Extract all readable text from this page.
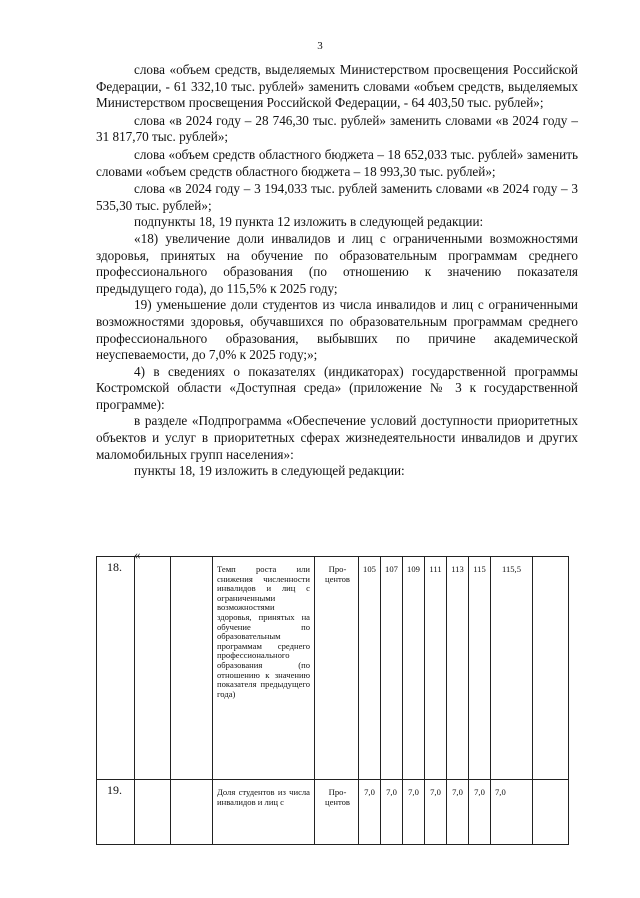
3

слова «объем средств, выделяемых Министерством просвещения Российской Федерации, - 61 332,10 тыс. рублей» заменить словами «объем средств, выделяемых Министерством просвещения Российской Федерации, - 64 403,50 тыс. рублей»;

слова «в 2024 году – 28 746,30 тыс. рублей» заменить словами «в 2024 году – 31 817,70 тыс. рублей»;

слова «объем средств областного бюджета – 18 652,033 тыс. рублей» заменить словами «объем средств областного бюджета – 18 993,30 тыс. рублей»;

слова «в 2024 году – 3 194,033 тыс. рублей заменить словами «в 2024 году – 3 535,30 тыс. рублей»;

подпункты 18, 19 пункта 12 изложить в следующей редакции:

«18) увеличение доли инвалидов и лиц с ограниченными возможностями здоровья, принятых на обучение по образовательным программам среднего профессионального образования (по отношению к значению показателя предыдущего года), до 115,5% к 2025 году;

19) уменьшение доли студентов из числа инвалидов и лиц с ограниченными возможностями здоровья, обучавшихся по образовательным программам среднего профессионального образования, выбывших по причине академической неуспеваемости, до 7,0% к 2025 году;»;

4) в сведениях о показателях (индикаторах) государственной программы Костромской области «Доступная среда» (приложение № 3 к государственной программе):

в разделе «Подпрограмма «Обеспечение условий доступности приоритетных объектов и услуг в приоритетных сферах жизнедеятельности инвалидов и других маломобильных групп населения»:

пункты 18, 19 изложить в следующей редакции:

«
18.			Темп роста или снижения численности инвалидов и лиц с ограниченными возможностями здоровья, принятых на обучение по образовательным программам среднего профессионального образования (по отношению к значению показателя предыдущего года)	Про-центов	105	107	109	111	113	115	115,5	
19.			Доля студентов из числа инвалидов и лиц с	Про-центов	7,0	7,0	7,0	7,0	7,0	7,0	7,0	
